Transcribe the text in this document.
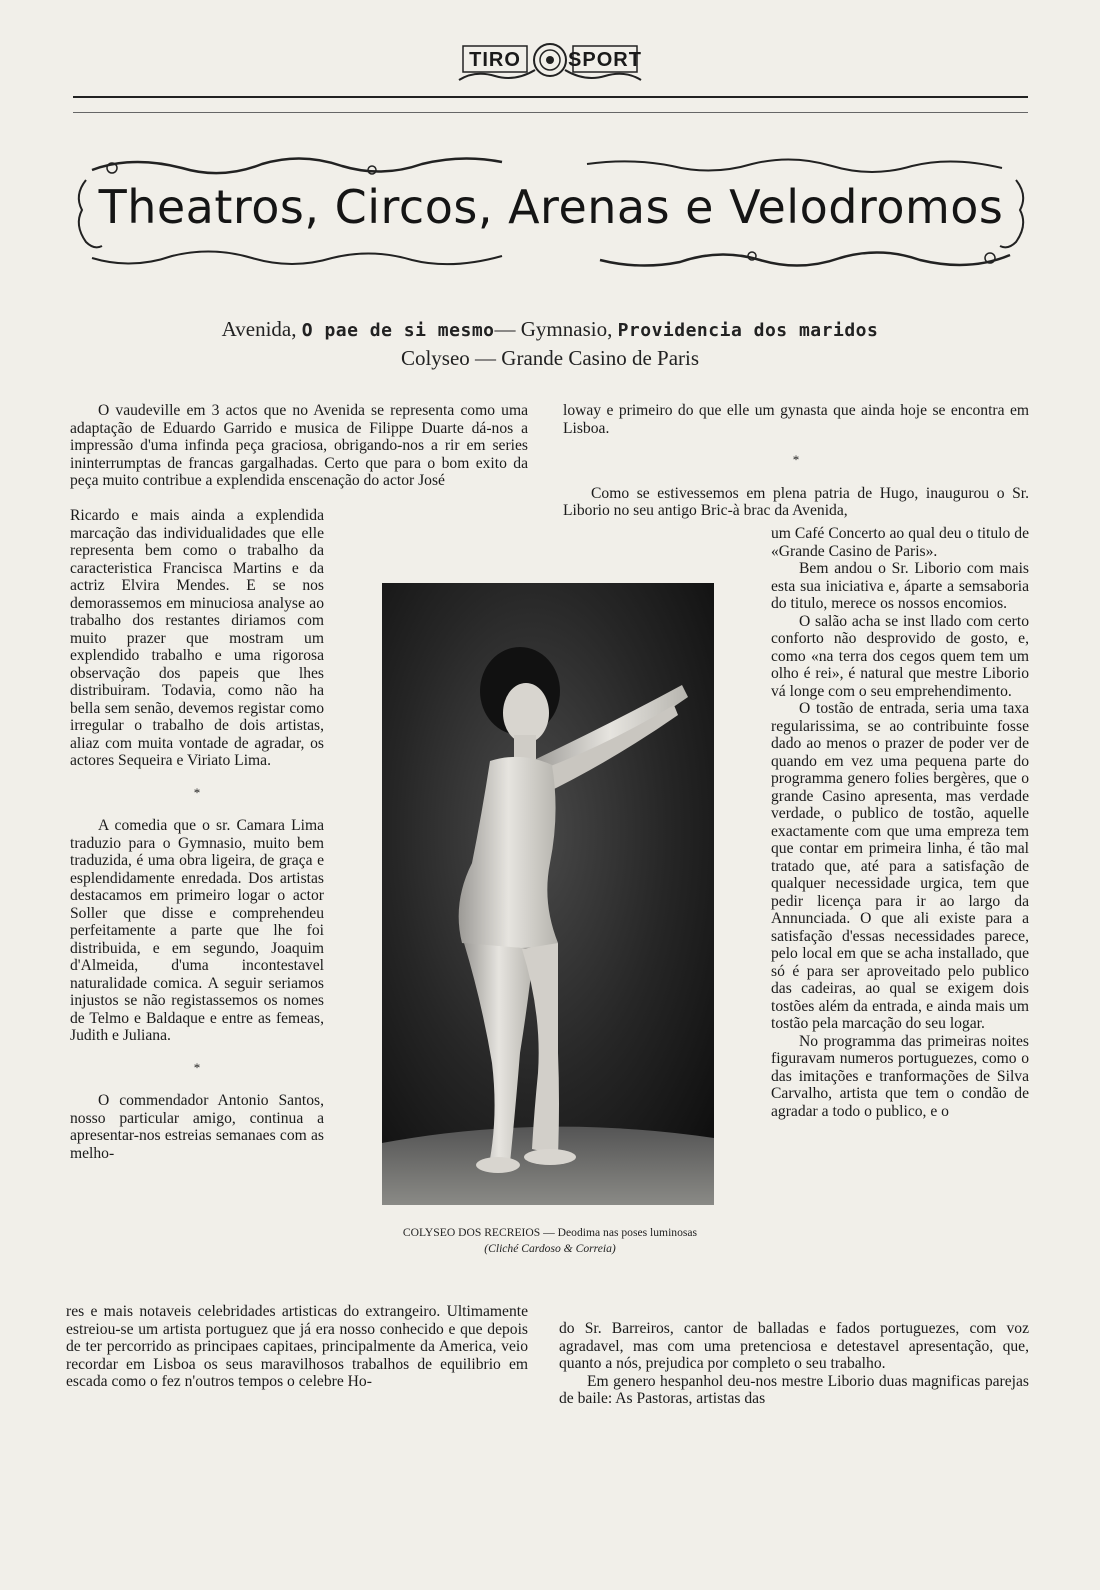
TIRO SPORT
Theatros, Circos, Arenas e Velodromos
Avenida, O pae de si mesmo— Gymnasio, Providencia dos maridos
Colyseo — Grande Casino de Paris

O vaudeville em 3 actos que no Avenida se representa como uma adaptação de Eduardo Garrido e musica de Filippe Duarte dá-nos a impressão d'uma infinda peça graciosa, obrigando-nos a rir em series ininterrumptas de francas gargalhadas. Certo que para o bom exito da peça muito contribue a explendida enscenação do actor José

Ricardo e mais ainda a explendida marcação das individualidades que elle representa bem como o trabalho da caracteristica Francisca Martins e da actriz Elvira Mendes. E se nos demorassemos em minuciosa analyse ao trabalho dos restantes diriamos com muito prazer que mostram um explendido trabalho e uma rigorosa observação dos papeis que lhes distribuiram. Todavia, como não ha bella sem senão, devemos registar como irregular o trabalho de dois artistas, aliaz com muita vontade de agradar, os actores Sequeira e Viriato Lima.

*

A comedia que o sr. Camara Lima traduzio para o Gymnasio, muito bem traduzida, é uma obra ligeira, de graça e esplendidamente enredada. Dos artistas destacamos em primeiro logar o actor Soller que disse e comprehendeu perfeitamente a parte que lhe foi distribuida, e em segundo, Joaquim d'Almeida, d'uma incontestavel naturalidade comica. A seguir seriamos injustos se não registassemos os nomes de Telmo e Baldaque e entre as femeas, Judith e Juliana.

*

O commendador Antonio Santos, nosso particular amigo, continua a apresentar-nos estreias semanaes com as melho-

res e mais notaveis celebridades artisticas do extrangeiro. Ultimamente estreiou-se um artista portuguez que já era nosso conhecido e que depois de ter percorrido as principaes capitaes, principalmente da America, veio recordar em Lisboa os seus maravilhosos trabalhos de equilibrio em escada como o fez n'outros tempos o celebre Ho-

loway e primeiro do que elle um gynasta que ainda hoje se encontra em Lisboa.

*

Como se estivessemos em plena patria de Hugo, inaugurou o Sr. Liborio no seu antigo Bric-à brac da Avenida,

um Café Concerto ao qual deu o titulo de «Grande Casino de Paris».

Bem andou o Sr. Liborio com mais esta sua iniciativa e, áparte a semsaboria do titulo, merece os nossos encomios.

O salão acha se inst llado com certo conforto não desprovido de gosto, e, como «na terra dos cegos quem tem um olho é rei», é natural que mestre Liborio vá longe com o seu emprehendimento.

O tostão de entrada, seria uma taxa regularissima, se ao contribuinte fosse dado ao menos o prazer de poder ver de quando em vez uma pequena parte do programma genero folies bergères, que o grande Casino apresenta, mas verdade verdade, o publico de tostão, aquelle exactamente com que uma empreza tem que contar em primeira linha, é tão mal tratado que, até para a satisfação de qualquer necessidade urgica, tem que pedir licença para ir ao largo da Annunciada. O que ali existe para a satisfação d'essas necessidades parece, pelo local em que se acha installado, que só é para ser aproveitado pelo publico das cadeiras, ao qual se exigem dois tostões além da entrada, e ainda mais um tostão pela marcação do seu logar.

No programma das primeiras noites figuravam numeros portuguezes, como o das imitações e tranformações de Silva Carvalho, artista que tem o condão de agradar a todo o publico, e o

do Sr. Barreiros, cantor de balladas e fados portuguezes, com voz agradavel, mas com uma pretenciosa e detestavel apresentação, que, quanto a nós, prejudica por completo o seu trabalho.

Em genero hespanhol deu-nos mestre Liborio duas magnificas parejas de baile: As Pastoras, artistas das

COLYSEO DOS RECREIOS — Deodima nas poses luminosas
(Cliché Cardoso & Correia)
